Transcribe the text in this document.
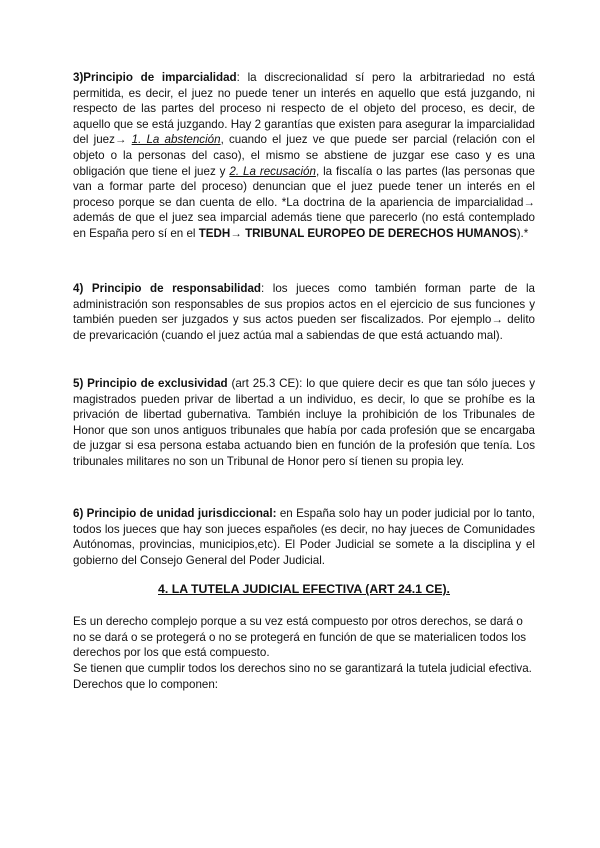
3)Principio de imparcialidad: la discrecionalidad sí pero la arbitrariedad no está permitida, es decir, el juez no puede tener un interés en aquello que está juzgando, ni respecto de las partes del proceso ni respecto de el objeto del proceso, es decir, de aquello que se está juzgando. Hay 2 garantías que existen para asegurar la imparcialidad del juez→ 1. La abstención, cuando el juez ve que puede ser parcial (relación con el objeto o la personas del caso), el mismo se abstiene de juzgar ese caso y es una obligación que tiene el juez y 2. La recusación, la fiscalía o las partes (las personas que van a formar parte del proceso) denuncian que el juez puede tener un interés en el proceso porque se dan cuenta de ello. *La doctrina de la apariencia de imparcialidad→ además de que el juez sea imparcial además tiene que parecerlo (no está contemplado en España pero sí en el TEDH→ TRIBUNAL EUROPEO DE DERECHOS HUMANOS).*

4) Principio de responsabilidad: los jueces como también forman parte de la administración son responsables de sus propios actos en el ejercicio de sus funciones y también pueden ser juzgados y sus actos pueden ser fiscalizados. Por ejemplo→ delito de prevaricación (cuando el juez actúa mal a sabiendas de que está actuando mal).

5) Principio de exclusividad (art 25.3 CE): lo que quiere decir es que tan sólo jueces y magistrados pueden privar de libertad a un individuo, es decir, lo que se prohíbe es la privación de libertad gubernativa. También incluye la prohibición de los Tribunales de Honor que son unos antiguos tribunales que había por cada profesión que se encargaba de juzgar si esa persona estaba actuando bien en función de la profesión que tenía. Los tribunales militares no son un Tribunal de Honor pero sí tienen su propia ley.

6) Principio de unidad jurisdiccional: en España solo hay un poder judicial por lo tanto, todos los jueces que hay son jueces españoles (es decir, no hay jueces de Comunidades Autónomas, provincias, municipios,etc). El Poder Judicial se somete a la disciplina y el gobierno del Consejo General del Poder Judicial.

4. LA TUTELA JUDICIAL EFECTIVA (ART 24.1 CE).

Es un derecho complejo porque a su vez está compuesto por otros derechos, se dará o no se dará o se protegerá o no se protegerá en función de que se materialicen todos los derechos por los que está compuesto.

Se tienen que cumplir todos los derechos sino no se garantizará la tutela judicial efectiva. Derechos que lo componen:
